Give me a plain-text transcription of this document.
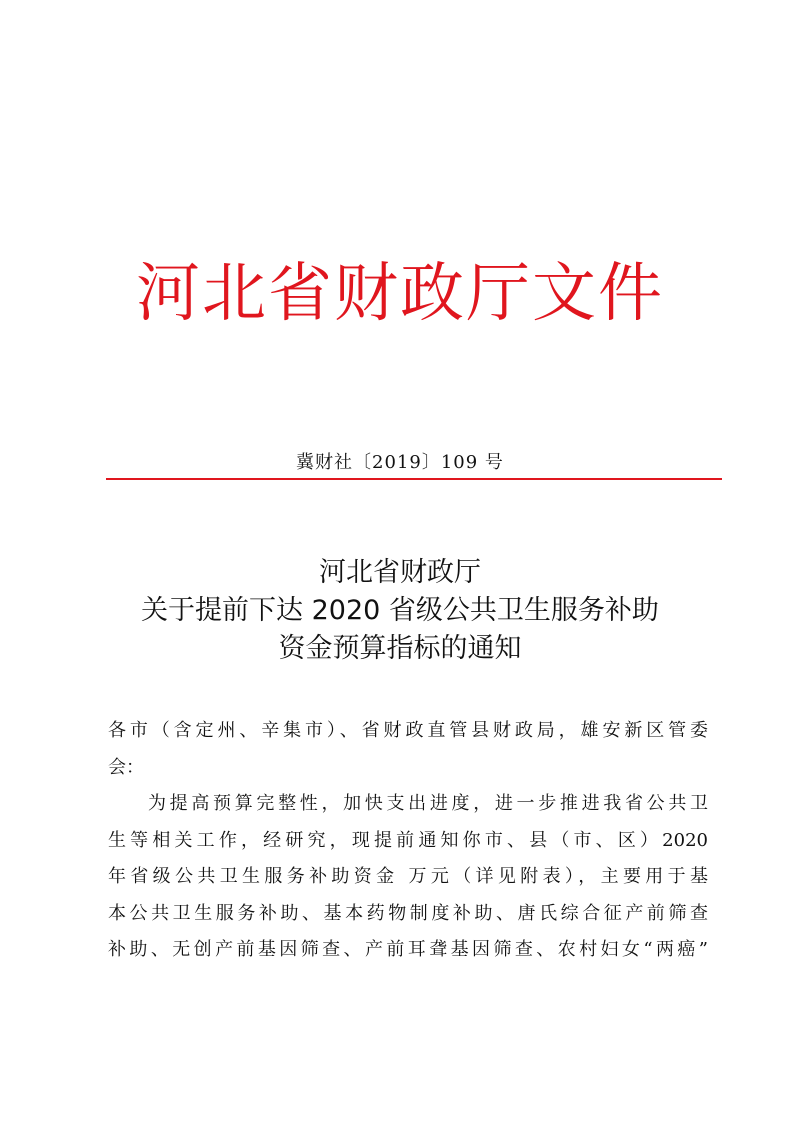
河北省财政厅文件
冀财社〔2019〕109 号
河北省财政厅
关于提前下达 2020 省级公共卫生服务补助
资金预算指标的通知
各市（含定州、辛集市）、省财政直管县财政局，雄安新区管委
会：
为提高预算完整性，加快支出进度，进一步推进我省公共卫
生等相关工作，经研究，现提前通知你市、县（市、区）2020
年省级公共卫生服务补助资金 万元（详见附表），主要用于基
本公共卫生服务补助、基本药物制度补助、唐氏综合征产前筛查
补助、无创产前基因筛查、产前耳聋基因筛查、农村妇女“两癌”
